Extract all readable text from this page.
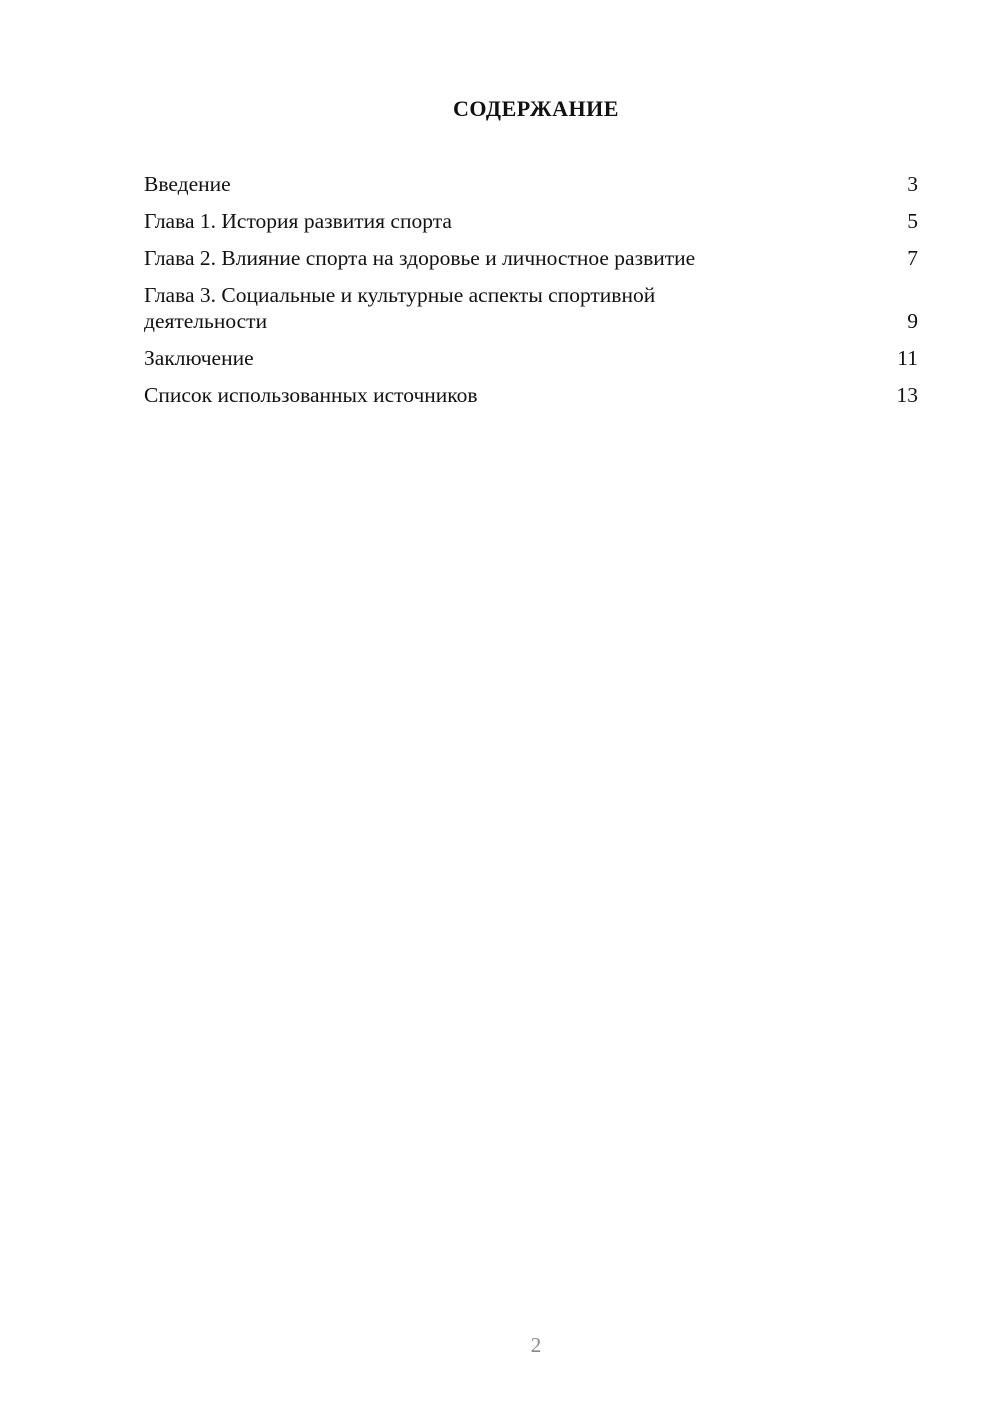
СОДЕРЖАНИЕ
Введение	3
Глава 1. История развития спорта	5
Глава 2. Влияние спорта на здоровье и личностное развитие	7
Глава 3. Социальные и культурные аспекты спортивной деятельности	9
Заключение	11
Список использованных источников	13
2
